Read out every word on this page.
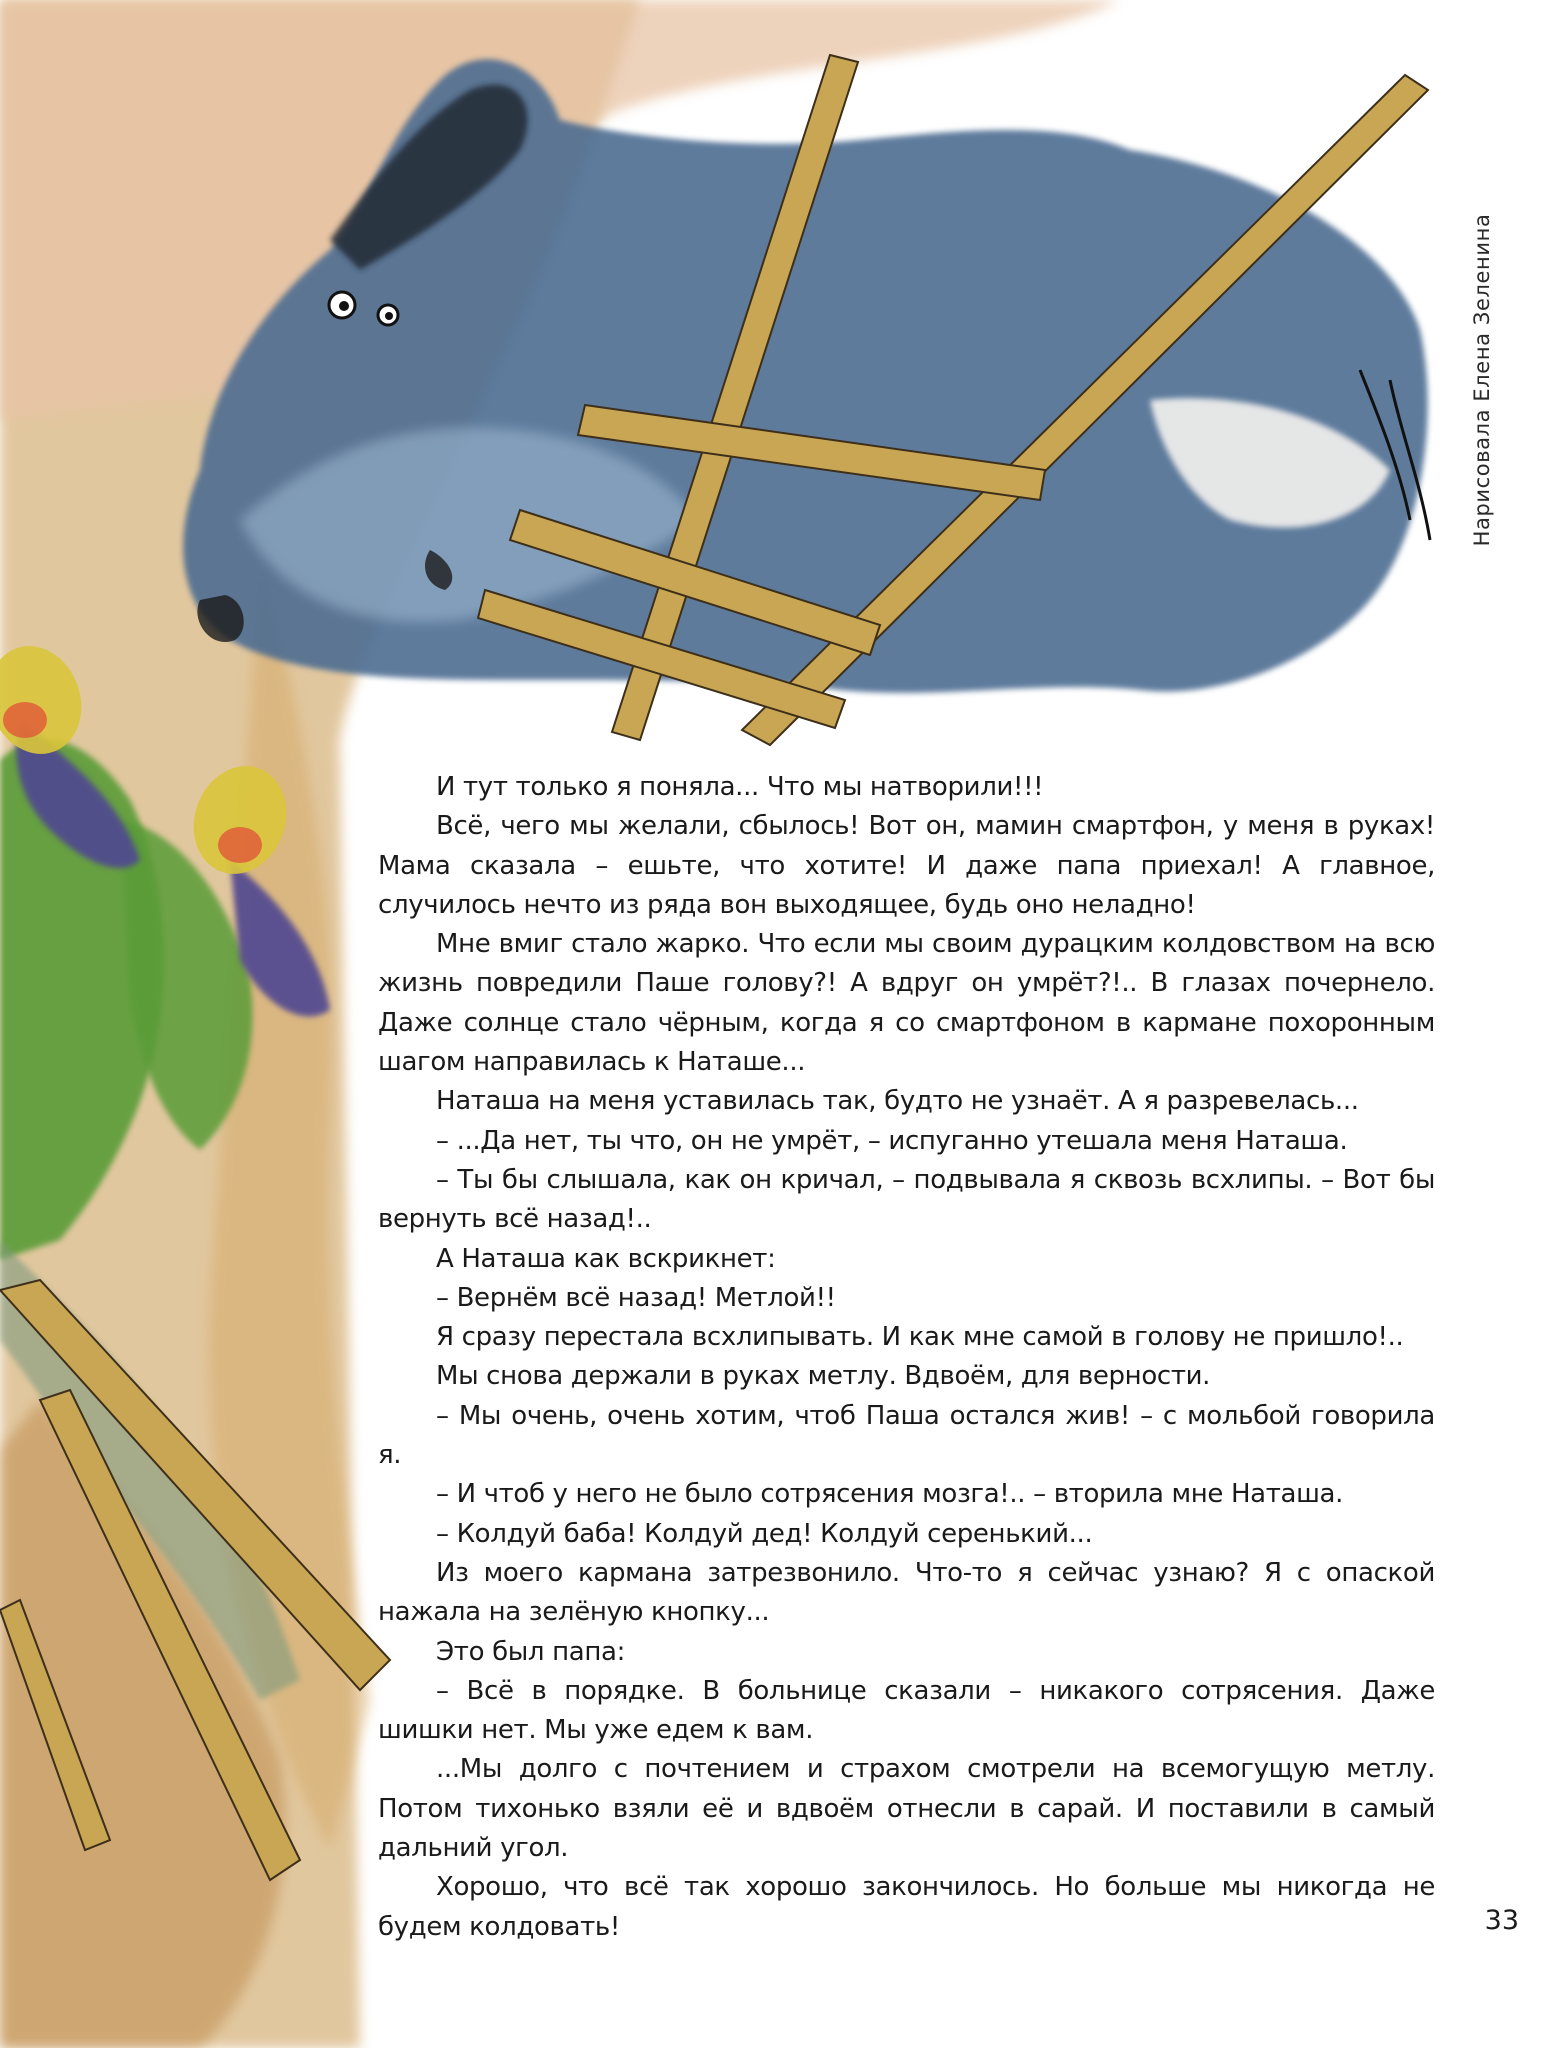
И тут только я поняла... Что мы натворили!!!

Всё, чего мы желали, сбылось! Вот он, мамин смартфон, у меня в руках! Мама сказала – ешьте, что хотите! И даже папа приехал! А главное, случилось нечто из ряда вон выходящее, будь оно неладно!

Мне вмиг стало жарко. Что если мы своим дурацким колдовством на всю жизнь повредили Паше голову?! А вдруг он умрёт?!.. В глазах почернело. Даже солнце стало чёрным, когда я со смартфоном в кармане похоронным шагом направилась к Наташе...

Наташа на меня уставилась так, будто не узнаёт. А я разревелась...

– ...Да нет, ты что, он не умрёт, – испуганно утешала меня Наташа.

– Ты бы слышала, как он кричал, – подвывала я сквозь всхлипы. – Вот бы вернуть всё назад!..

А Наташа как вскрикнет:

– Вернём всё назад! Метлой!!

Я сразу перестала всхлипывать. И как мне самой в голову не пришло!..

Мы снова держали в руках метлу. Вдвоём, для верности.

– Мы очень, очень хотим, чтоб Паша остался жив! – с мольбой говорила я.

– И чтоб у него не было сотрясения мозга!.. – вторила мне Наташа.

– Колдуй баба! Колдуй дед! Колдуй серенький...

Из моего кармана затрезвонило. Что-то я сейчас узнаю? Я с опаской нажала на зелёную кнопку...

Это был папа:

– Всё в порядке. В больнице сказали – никакого сотрясения. Даже шишки нет. Мы уже едем к вам.

...Мы долго с почтением и страхом смотрели на всемогущую метлу. Потом тихонько взяли её и вдвоём отнесли в сарай. И поставили в самый дальний угол.

Хорошо, что всё так хорошо закончилось. Но больше мы никогда не будем колдовать!

Нарисовала Елена Зеленина
33
